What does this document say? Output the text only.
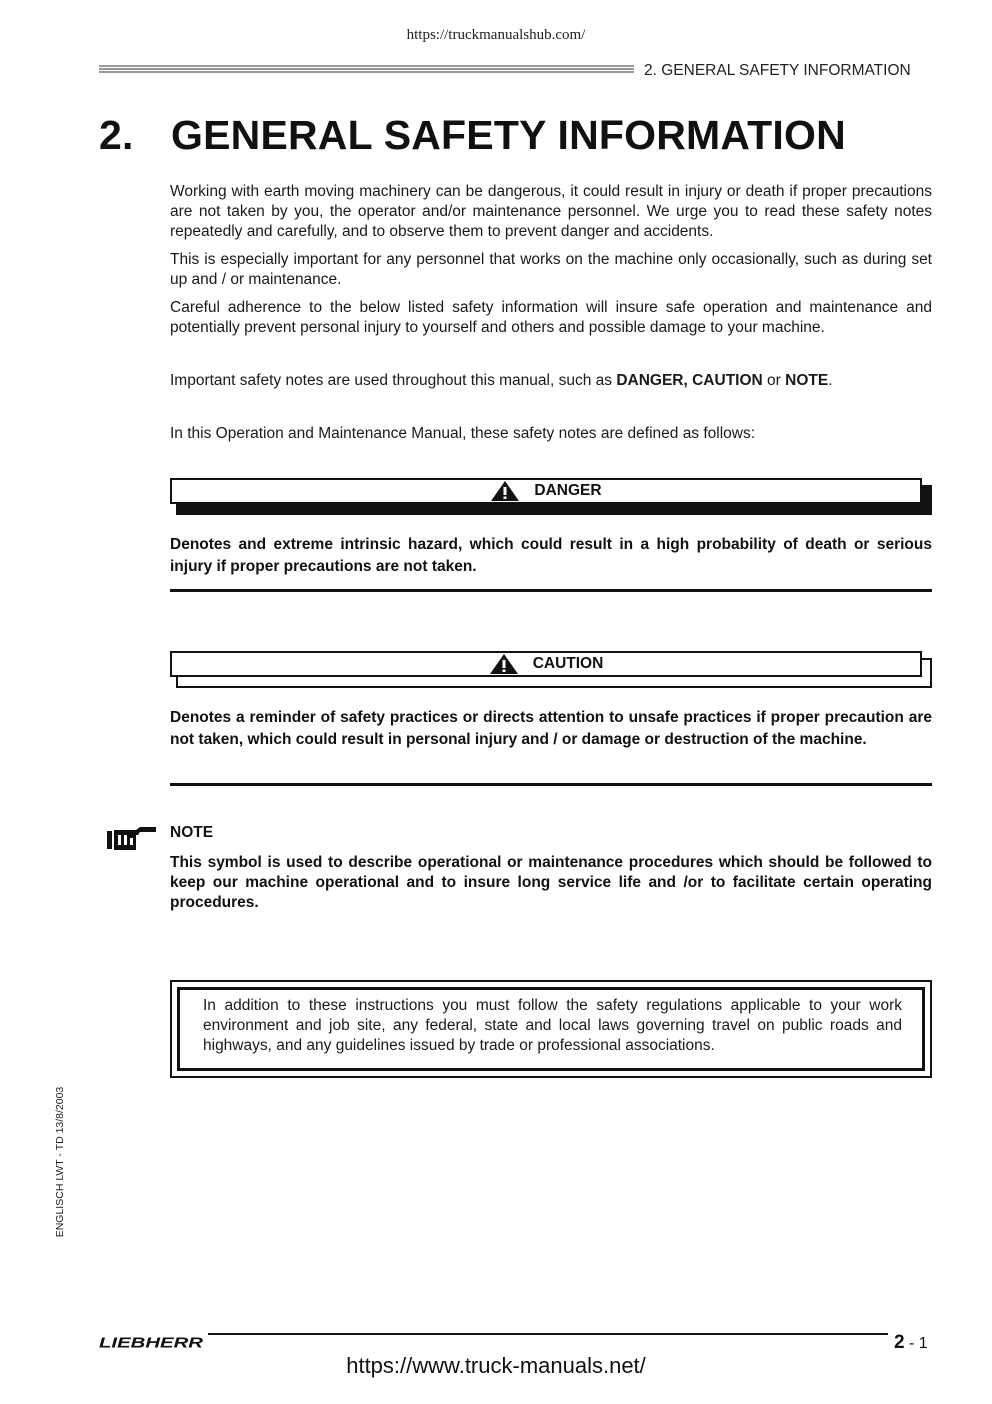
https://truckmanualshub.com/
2. GENERAL SAFETY INFORMATION
2. GENERAL SAFETY INFORMATION
Working with earth moving machinery can be dangerous, it could result in injury or death if proper precautions are not taken by you, the operator and/or maintenance personnel. We urge you to read these safety notes repeatedly and carefully, and to observe them to prevent danger and accidents.
This is especially important for any personnel that works on the machine only occasionally, such as during set up and / or maintenance.
Careful adherence to the below listed safety information will insure safe operation and maintenance and potentially prevent personal injury to yourself and others and possible damage to your machine.
Important safety notes are used throughout this manual, such as DANGER, CAUTION or NOTE.
In this Operation and Maintenance Manual, these safety notes are defined as follows:
DANGER
Denotes and extreme intrinsic hazard, which could result in a high probability of death or serious injury if proper precautions are not taken.
CAUTION
Denotes a reminder of safety practices or directs attention to unsafe practices if proper precaution are not taken, which could result in personal injury and / or damage or destruction of the machine.
NOTE
This symbol is used to describe operational or maintenance procedures which should be followed to keep our machine operational and to insure long service life and /or to facilitate certain operating procedures.
In addition to these instructions you must follow the safety regulations applicable to your work environment and job site, any federal, state and local laws governing travel on public roads and highways, and any guidelines issued by trade or professional associations.
ENGLISCH LWT - TD 13/8/2003
LIEBHERR	2 - 1
https://www.truck-manuals.net/
